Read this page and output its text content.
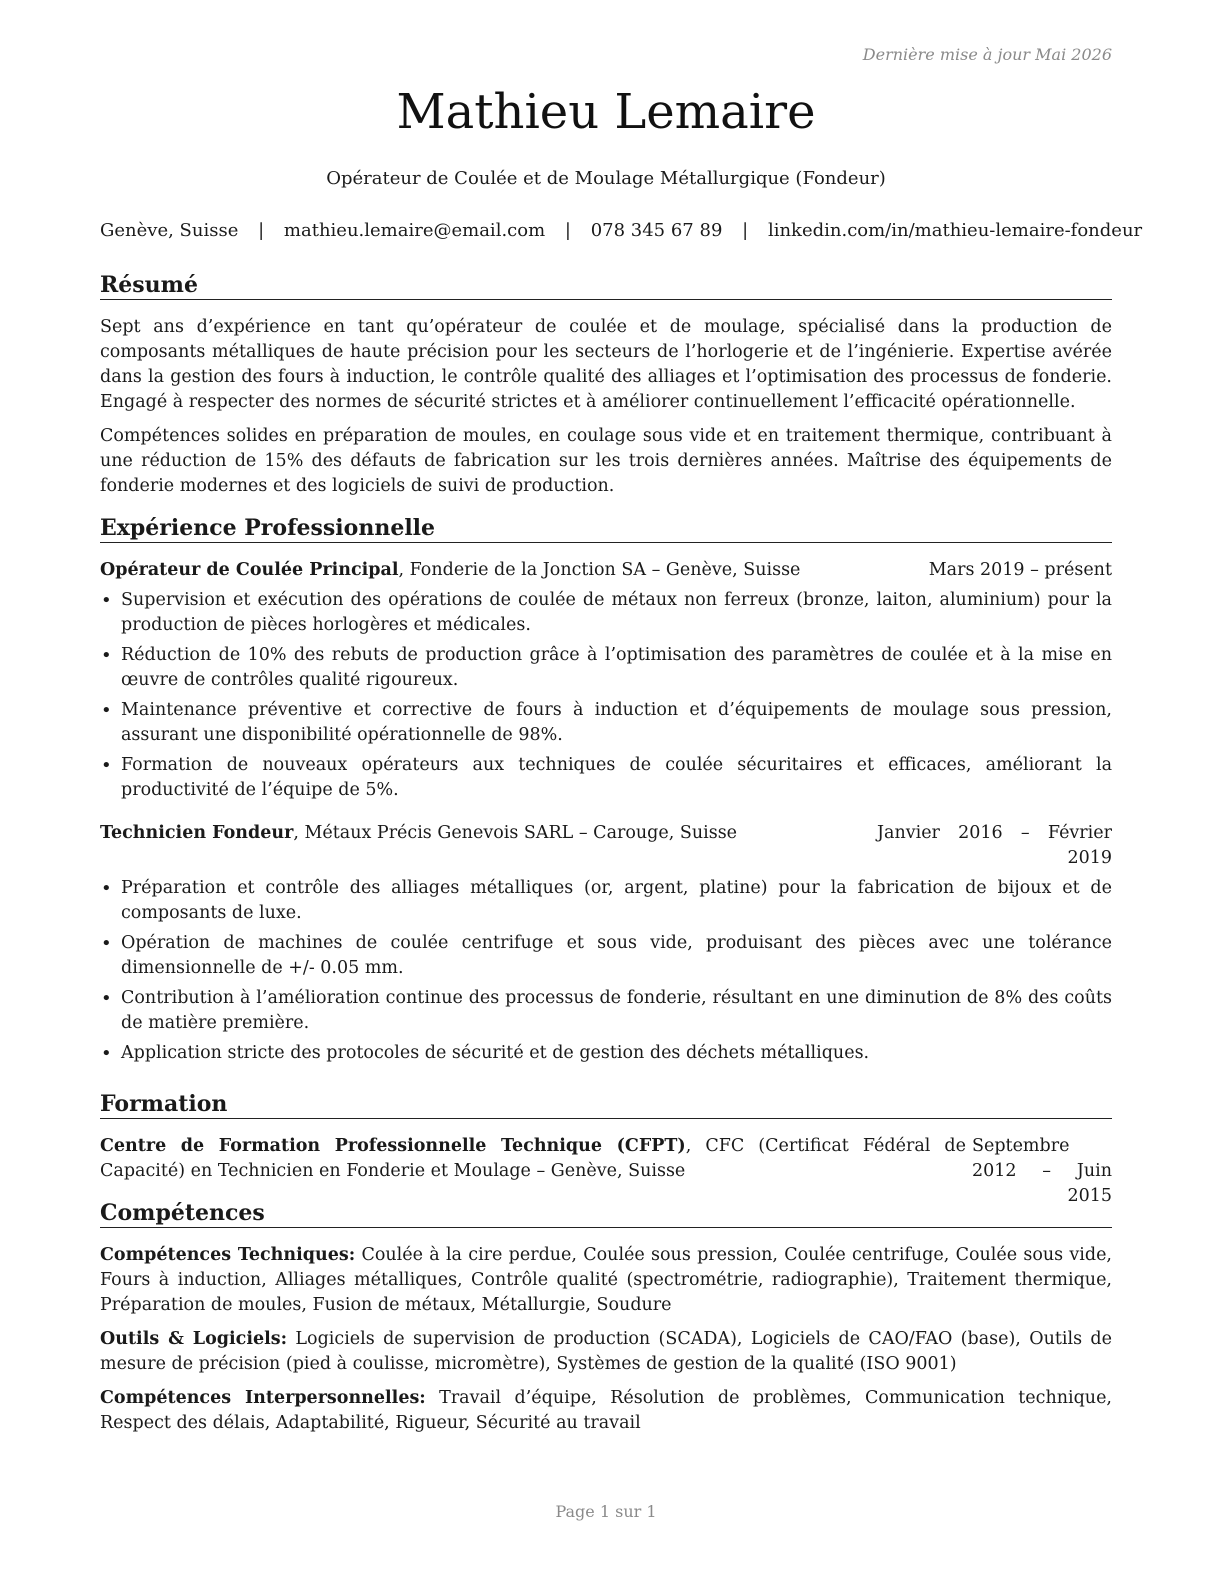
Dernière mise à jour Mai 2026
Mathieu Lemaire
Opérateur de Coulée et de Moulage Métallurgique (Fondeur)
Genève, Suisse | mathieu.lemaire@email.com | 078 345 67 89 | linkedin.com/in/mathieu-lemaire-fondeur
Résumé

Sept ans d’expérience en tant qu’opérateur de coulée et de moulage, spécialisé dans la production de composants métalliques de haute précision pour les secteurs de l’horlogerie et de l’ingénierie. Expertise avérée dans la gestion des fours à induction, le contrôle qualité des alliages et l’optimisation des processus de fonderie. Engagé à respecter des normes de sécurité strictes et à améliorer continuellement l’efficacité opérationnelle.

Compétences solides en préparation de moules, en coulage sous vide et en traitement thermique, contribuant à une réduction de 15% des défauts de fabrication sur les trois dernières années. Maîtrise des équipements de fonderie modernes et des logiciels de suivi de production.

Expérience Professionnelle
Opérateur de Coulée Principal, Fonderie de la Jonction SA – Genève, Suisse	Mars 2019 – présent
• Supervision et exécution des opérations de coulée de métaux non ferreux (bronze, laiton, aluminium) pour la production de pièces horlogères et médicales.
• Réduction de 10% des rebuts de production grâce à l’optimisation des paramètres de coulée et à la mise en œuvre de contrôles qualité rigoureux.
• Maintenance préventive et corrective de fours à induction et d’équipements de moulage sous pression, assurant une disponibilité opérationnelle de 98%.
• Formation de nouveaux opérateurs aux techniques de coulée sécuritaires et efficaces, améliorant la productivité de l’équipe de 5%.
Technicien Fondeur, Métaux Précis Genevois SARL – Carouge, Suisse	Janvier 2016 – Février 2019
• Préparation et contrôle des alliages métalliques (or, argent, platine) pour la fabrication de bijoux et de composants de luxe.
• Opération de machines de coulée centrifuge et sous vide, produisant des pièces avec une tolérance dimensionnelle de +/- 0.05 mm.
• Contribution à l’amélioration continue des processus de fonderie, résultant en une diminution de 8% des coûts de matière première.
• Application stricte des protocoles de sécurité et de gestion des déchets métalliques.
Formation
Centre de Formation Professionnelle Technique (CFPT), CFC (Certificat Fédéral de Capacité) en Technicien en Fonderie et Moulage – Genève, Suisse
Septembre 2012 – Juin 2015
Compétences

Compétences Techniques: Coulée à la cire perdue, Coulée sous pression, Coulée centrifuge, Coulée sous vide, Fours à induction, Alliages métalliques, Contrôle qualité (spectrométrie, radiographie), Traitement thermique, Préparation de moules, Fusion de métaux, Métallurgie, Soudure

Outils & Logiciels: Logiciels de supervision de production (SCADA), Logiciels de CAO/FAO (base), Outils de mesure de précision (pied à coulisse, micromètre), Systèmes de gestion de la qualité (ISO 9001)

Compétences Interpersonnelles: Travail d’équipe, Résolution de problèmes, Communication technique, Respect des délais, Adaptabilité, Rigueur, Sécurité au travail

Page 1 sur 1
